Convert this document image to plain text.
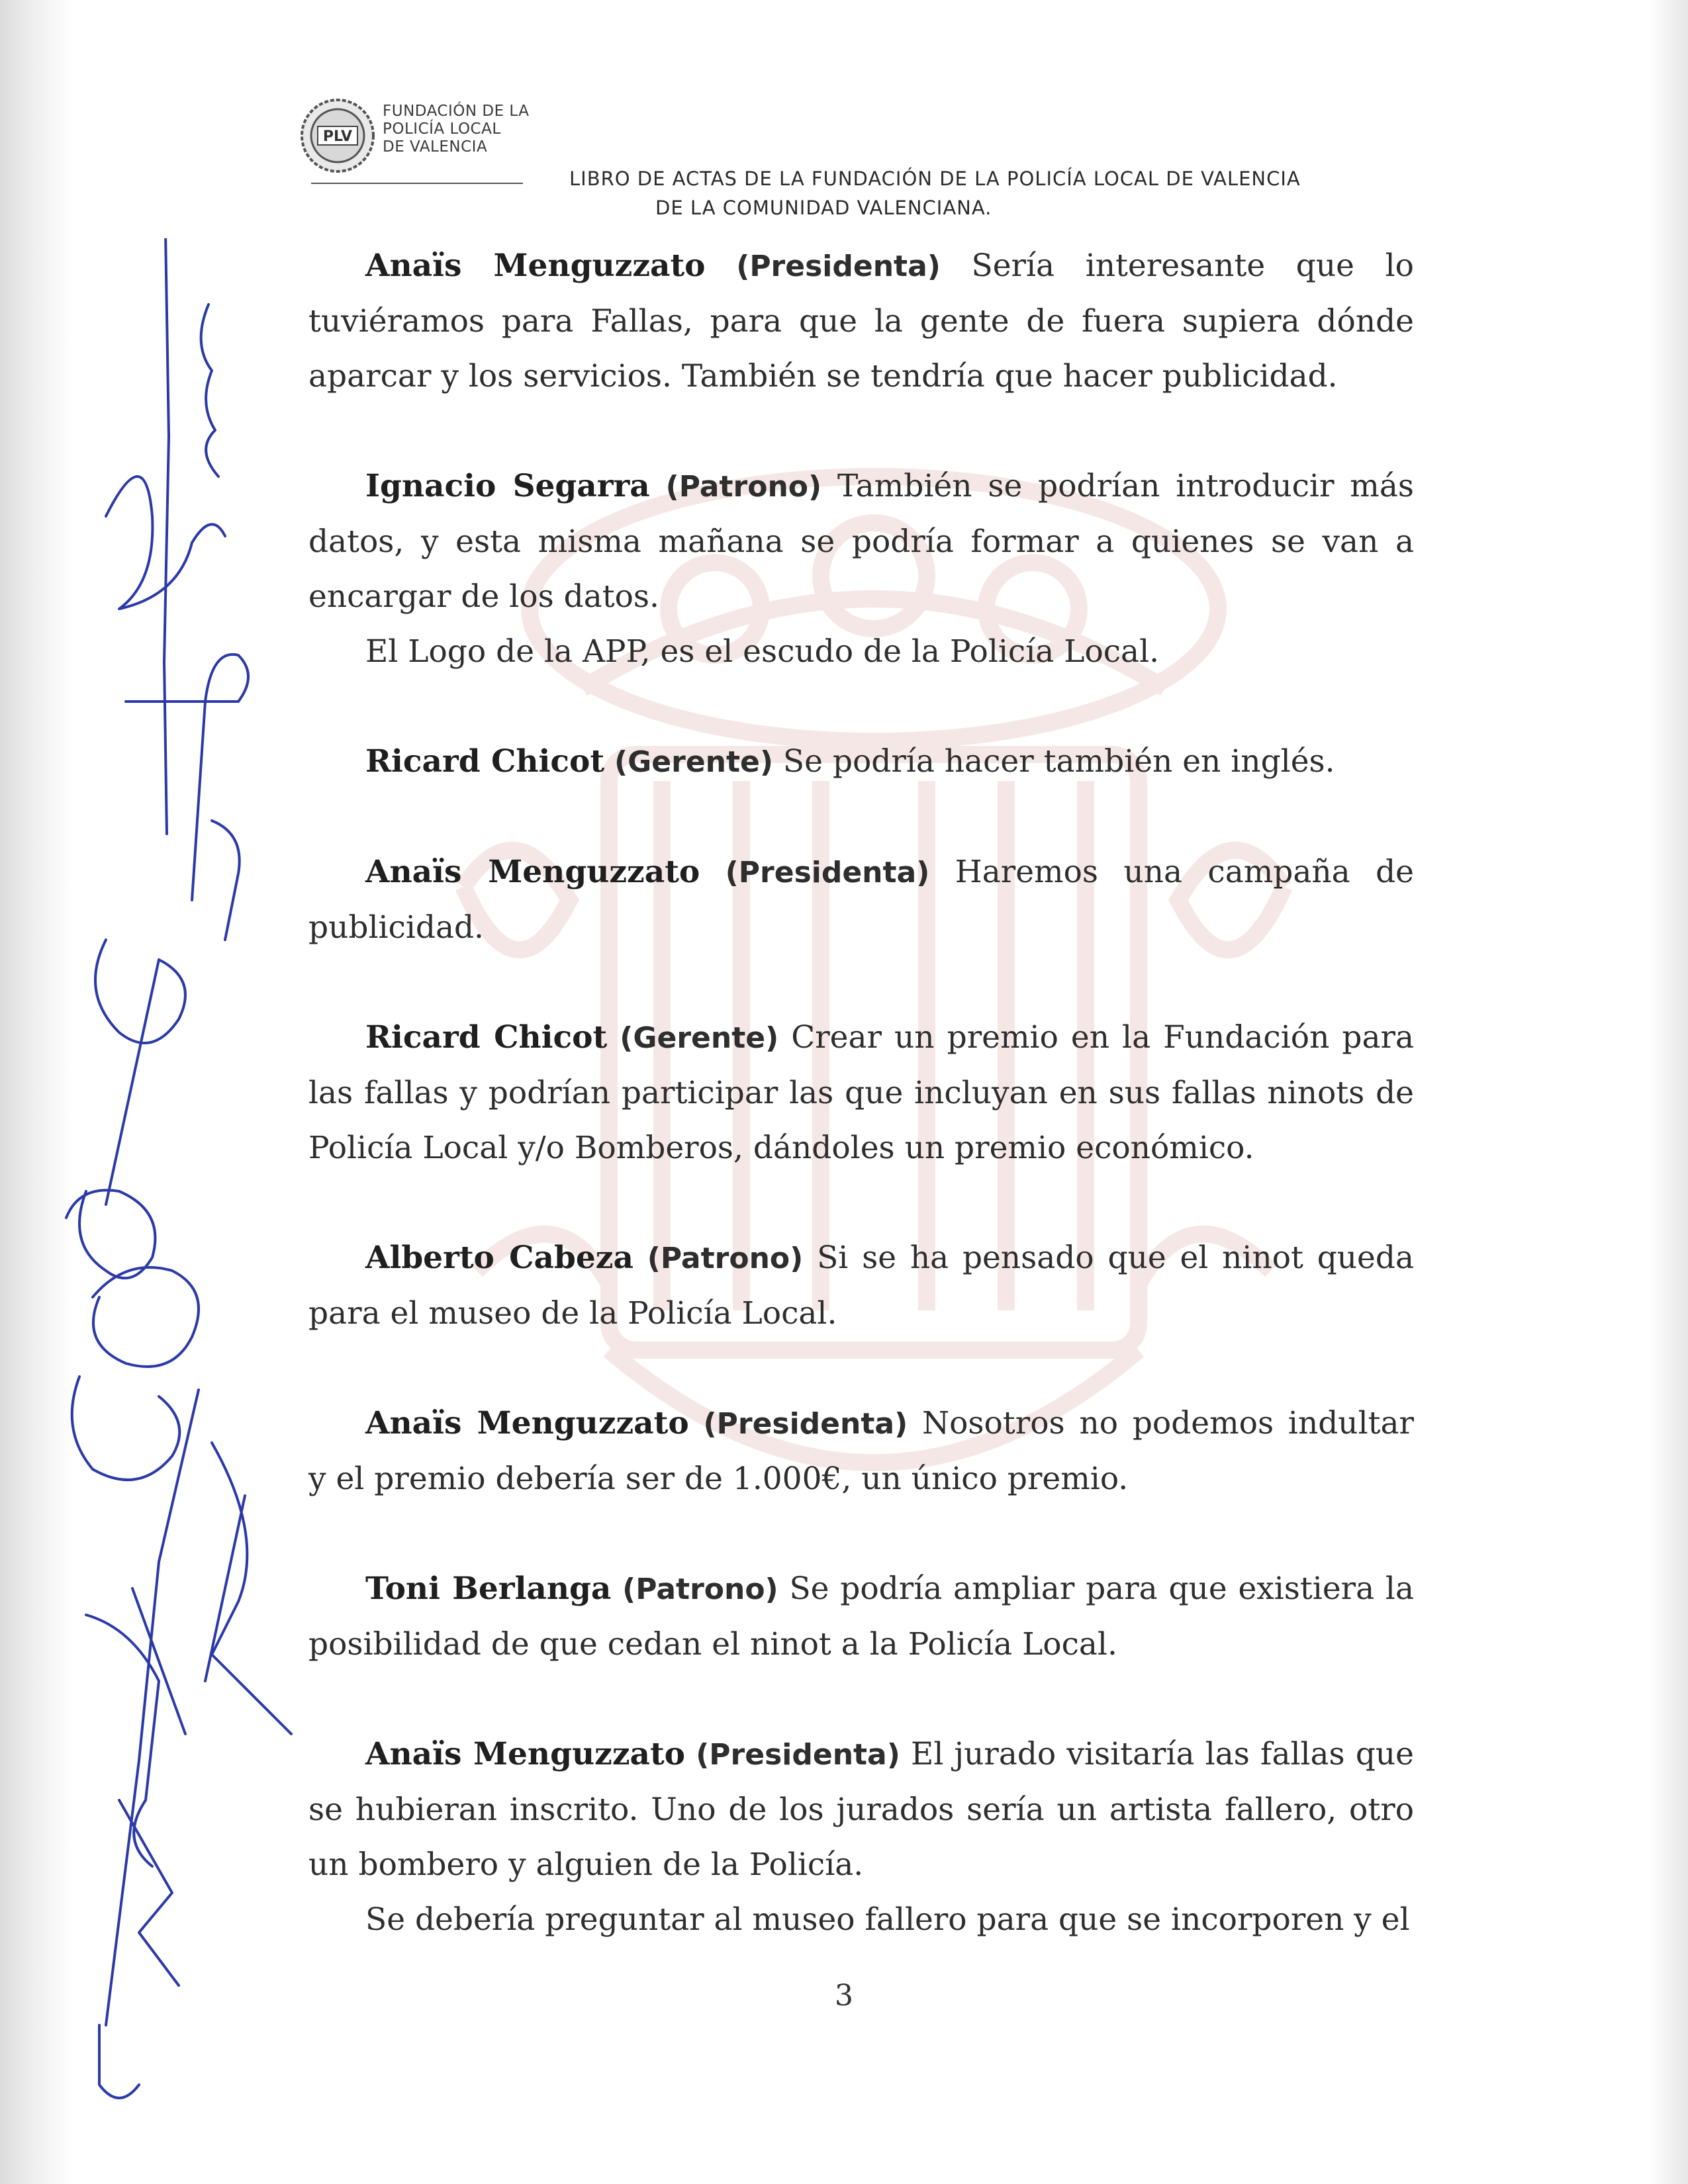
PLV
FUNDACIÓN DE LA
POLICÍA LOCAL
DE VALENCIA
LIBRO DE ACTAS DE LA FUNDACIÓN DE LA POLICÍA LOCAL DE VALENCIA
DE LA COMUNIDAD VALENCIANA.

Anaïs Menguzzato (Presidenta) Sería interesante que lo tuviéramos para Fallas, para que la gente de fuera supiera dónde aparcar y los servicios. También se tendría que hacer publicidad.

Ignacio Segarra (Patrono) También se podrían introducir más datos, y esta misma mañana se podría formar a quienes se van a encargar de los datos.

El Logo de la APP, es el escudo de la Policía Local.

Ricard Chicot (Gerente) Se podría hacer también en inglés.

Anaïs Menguzzato (Presidenta) Haremos una campaña de publicidad.

Ricard Chicot (Gerente) Crear un premio en la Fundación para las fallas y podrían participar las que incluyan en sus fallas ninots de Policía Local y/o Bomberos, dándoles un premio económico.

Alberto Cabeza (Patrono) Si se ha pensado que el ninot queda para el museo de la Policía Local.

Anaïs Menguzzato (Presidenta) Nosotros no podemos indultar y el premio debería ser de 1.000€, un único premio.

Toni Berlanga (Patrono) Se podría ampliar para que existiera la posibilidad de que cedan el ninot a la Policía Local.

Anaïs Menguzzato (Presidenta) El jurado visitaría las fallas que se hubieran inscrito. Uno de los jurados sería un artista fallero, otro un bombero y alguien de la Policía.

Se debería preguntar al museo fallero para que se incorporen y el

3
